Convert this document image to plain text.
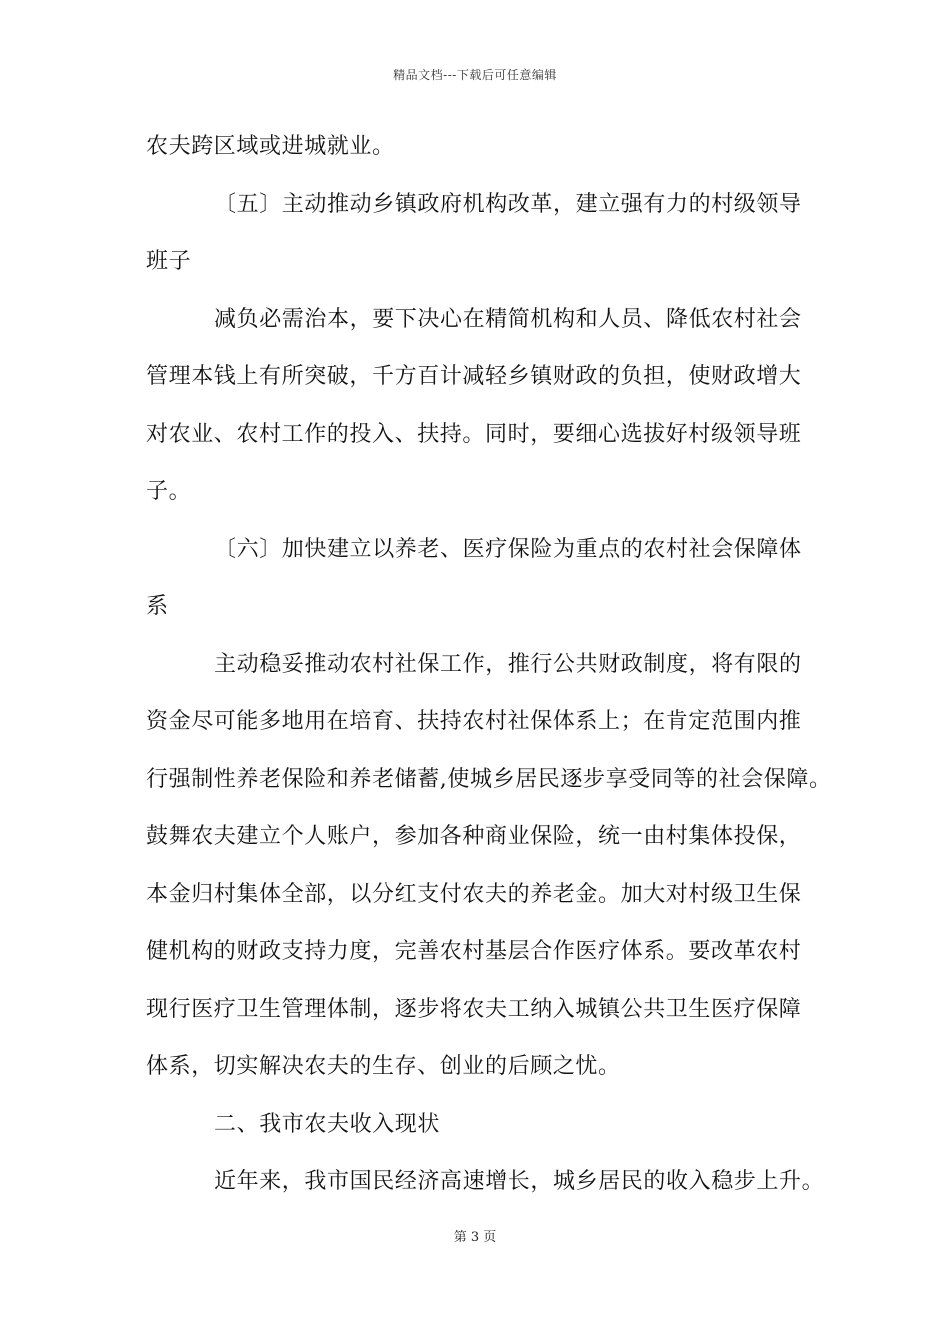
精品文档---下载后可任意编辑
农夫跨区域或进城就业。
〔五〕主动推动乡镇政府机构改革，建立强有力的村级领导
班子
减负必需治本，要下决心在精简机构和人员、降低农村社会
管理本钱上有所突破，千方百计减轻乡镇财政的负担，使财政增大
对农业、农村工作的投入、扶持。同时，要细心选拔好村级领导班
子。
〔六〕加快建立以养老、医疗保险为重点的农村社会保障体
系
主动稳妥推动农村社保工作，推行公共财政制度，将有限的
资金尽可能多地用在培育、扶持农村社保体系上；在肯定范围内推
行强制性养老保险和养老储蓄,使城乡居民逐步享受同等的社会保障。
鼓舞农夫建立个人账户，参加各种商业保险，统一由村集体投保，
本金归村集体全部，以分红支付农夫的养老金。加大对村级卫生保
健机构的财政支持力度，完善农村基层合作医疗体系。要改革农村
现行医疗卫生管理体制，逐步将农夫工纳入城镇公共卫生医疗保障
体系，切实解决农夫的生存、创业的后顾之忧。
二、我市农夫收入现状
近年来，我市国民经济高速增长，城乡居民的收入稳步上升。
第 3 页
